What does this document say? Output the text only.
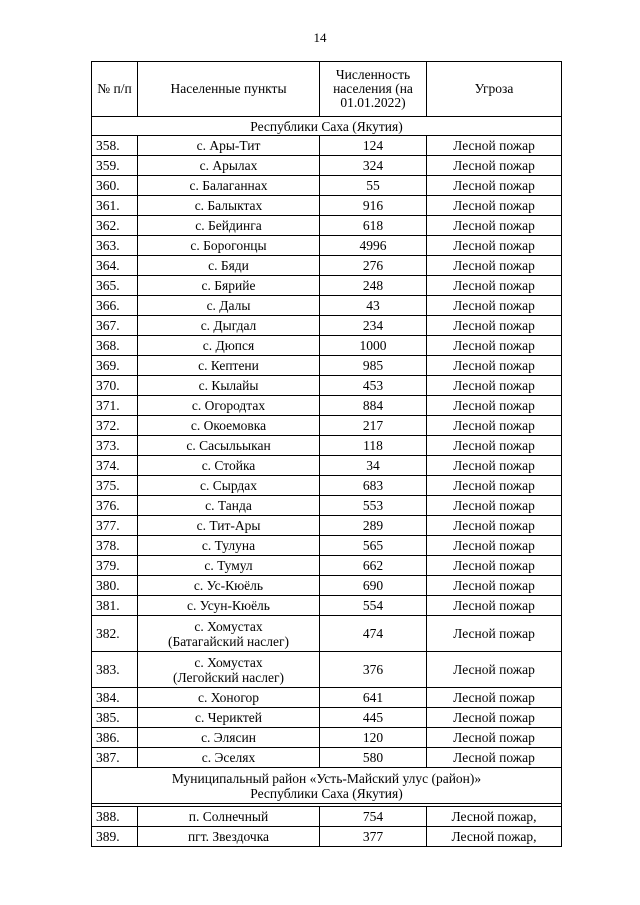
14
№ п/п	Населенные пункты	Численность населения (на 01.01.2022)	Угроза
Республики Саха (Якутия)			
358.	с. Ары-Тит	124	Лесной пожар
359.	с. Арылах	324	Лесной пожар
360.	с. Балаганнах	55	Лесной пожар
361.	с. Балыктах	916	Лесной пожар
362.	с. Бейдинга	618	Лесной пожар
363.	с. Борогонцы	4996	Лесной пожар
364.	с. Бяди	276	Лесной пожар
365.	с. Бярийе	248	Лесной пожар
366.	с. Далы	43	Лесной пожар
367.	с. Дыгдал	234	Лесной пожар
368.	с. Дюпся	1000	Лесной пожар
369.	с. Кептени	985	Лесной пожар
370.	с. Кылайы	453	Лесной пожар
371.	с. Огородтах	884	Лесной пожар
372.	с. Окоемовка	217	Лесной пожар
373.	с. Сасыльыкан	118	Лесной пожар
374.	с. Стойка	34	Лесной пожар
375.	с. Сырдах	683	Лесной пожар
376.	с. Танда	553	Лесной пожар
377.	с. Тит-Ары	289	Лесной пожар
378.	с. Тулуна	565	Лесной пожар
379.	с. Тумул	662	Лесной пожар
380.	с. Ус-Кюёль	690	Лесной пожар
381.	с. Усун-Кюёль	554	Лесной пожар
382.	с. Хомустах
(Батагайский наслег)	474	Лесной пожар
383.	с. Хомустах
(Легойский наслег)	376	Лесной пожар
384.	с. Хоногор	641	Лесной пожар
385.	с. Чериктей	445	Лесной пожар
386.	с. Элясин	120	Лесной пожар
387.	с. Эселях	580	Лесной пожар

Муниципальный район «Усть-Майский улус (район)»
Республики Саха (Якутия)			

388.	п. Солнечный	754	Лесной пожар,
389.	пгт. Звездочка	377	Лесной пожар,
